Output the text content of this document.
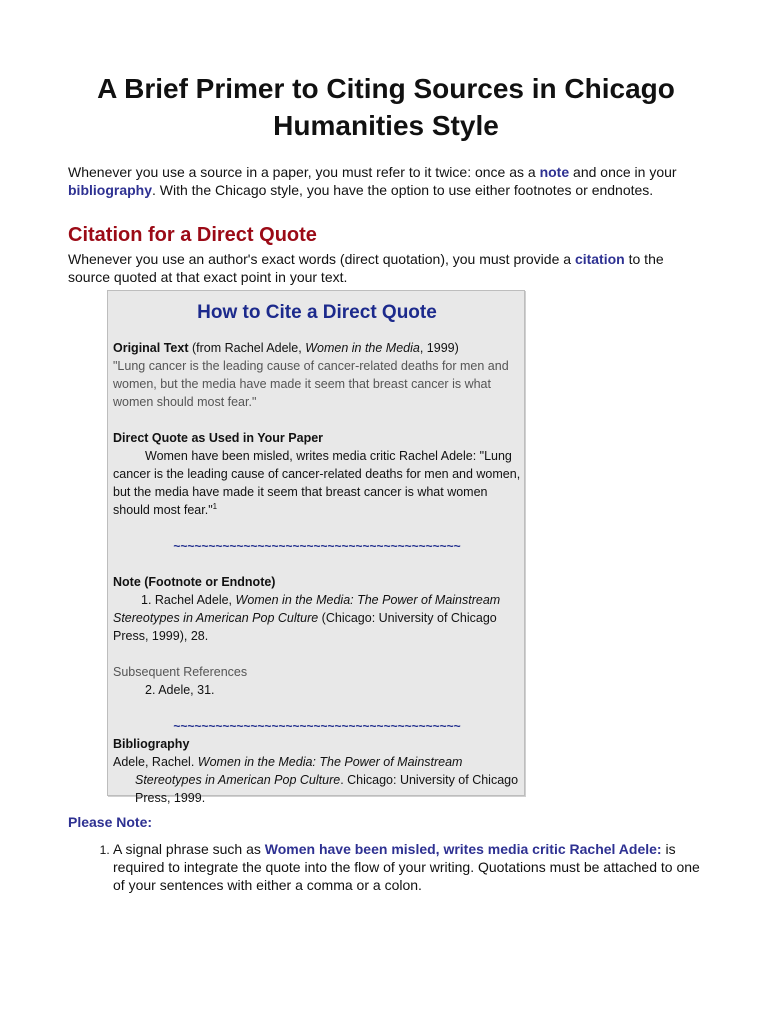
A Brief Primer to Citing Sources in Chicago Humanities Style

Whenever you use a source in a paper, you must refer to it twice: once as a note and once in your bibliography. With the Chicago style, you have the option to use either footnotes or endnotes.

Citation for a Direct Quote

Whenever you use an author's exact words (direct quotation), you must provide a citation to the source quoted at that exact point in your text.

How to Cite a Direct Quote
Original Text (from Rachel Adele, Women in the Media, 1999)
"Lung cancer is the leading cause of cancer-related deaths for men and women, but the media have made it seem that breast cancer is what women should most fear."
Direct Quote as Used in Your Paper
Women have been misled, writes media critic Rachel Adele: "Lung cancer is the leading cause of cancer-related deaths for men and women, but the media have made it seem that breast cancer is what women should most fear."$^1$
~~~~~~~~~~~~~~~~~~~~~~~~~~~~~~~~~~~~~~~~~
Note (Footnote or Endnote)
1. Rachel Adele, Women in the Media: The Power of Mainstream Stereotypes in American Pop Culture (Chicago: University of Chicago Press, 1999), 28.
Subsequent References
2. Adele, 31.
~~~~~~~~~~~~~~~~~~~~~~~~~~~~~~~~~~~~~~~~~
Bibliography
Adele, Rachel. Women in the Media: The Power of Mainstream Stereotypes in American Pop Culture. Chicago: University of Chicago Press, 1999.
Please Note:
1. A signal phrase such as Women have been misled, writes media critic Rachel Adele: is required to integrate the quote into the flow of your writing. Quotations must be attached to one of your sentences with either a comma or a colon.
